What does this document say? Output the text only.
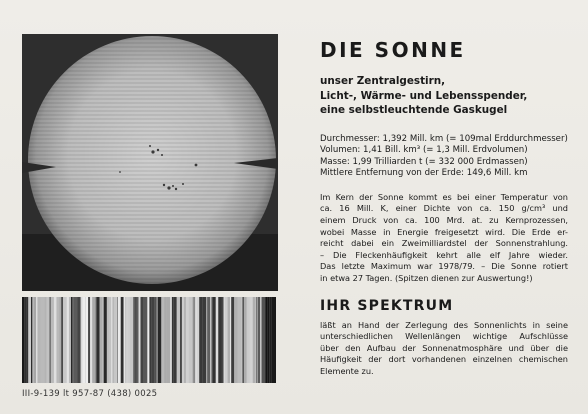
III-9-139 lt 957-87 (438) 0025
DIE SONNE
unser Zentralgestirn,
Licht-, Wärme- und Lebensspender,
eine selbstleuchtende Gaskugel
Durchmesser: 1,392 Mill. km (= 109mal Erddurchmesser)
Volumen: 1,41 Bill. km³ (= 1,3 Mill. Erdvolumen)
Masse: 1,99 Trilliarden t (= 332 000 Erdmassen)
Mittlere Entfernung von der Erde: 149,6 Mill. km
Im Kern der Sonne kommt es bei einer Temperatur von
ca. 16 Mill. K, einer Dichte von ca. 150 g/cm³ und
einem Druck von ca. 100 Mrd. at. zu Kernprozessen,
wobei Masse in Energie freigesetzt wird. Die Erde er-
reicht dabei ein Zweimilliardstel der Sonnenstrahlung.
– Die Fleckenhäufigkeit kehrt alle elf Jahre wieder.
Das letzte Maximum war 1978/79. – Die Sonne rotiert
in etwa 27 Tagen. (Spitzen dienen zur Auswertung!)
IHR SPEKTRUM
läßt an Hand der Zerlegung des Sonnenlichts in seine
unterschiedlichen Wellenlängen wichtige Aufschlüsse
über den Aufbau der Sonnenatmosphäre und über die
Häufigkeit der dort vorhandenen einzelnen chemischen
Elemente zu.
